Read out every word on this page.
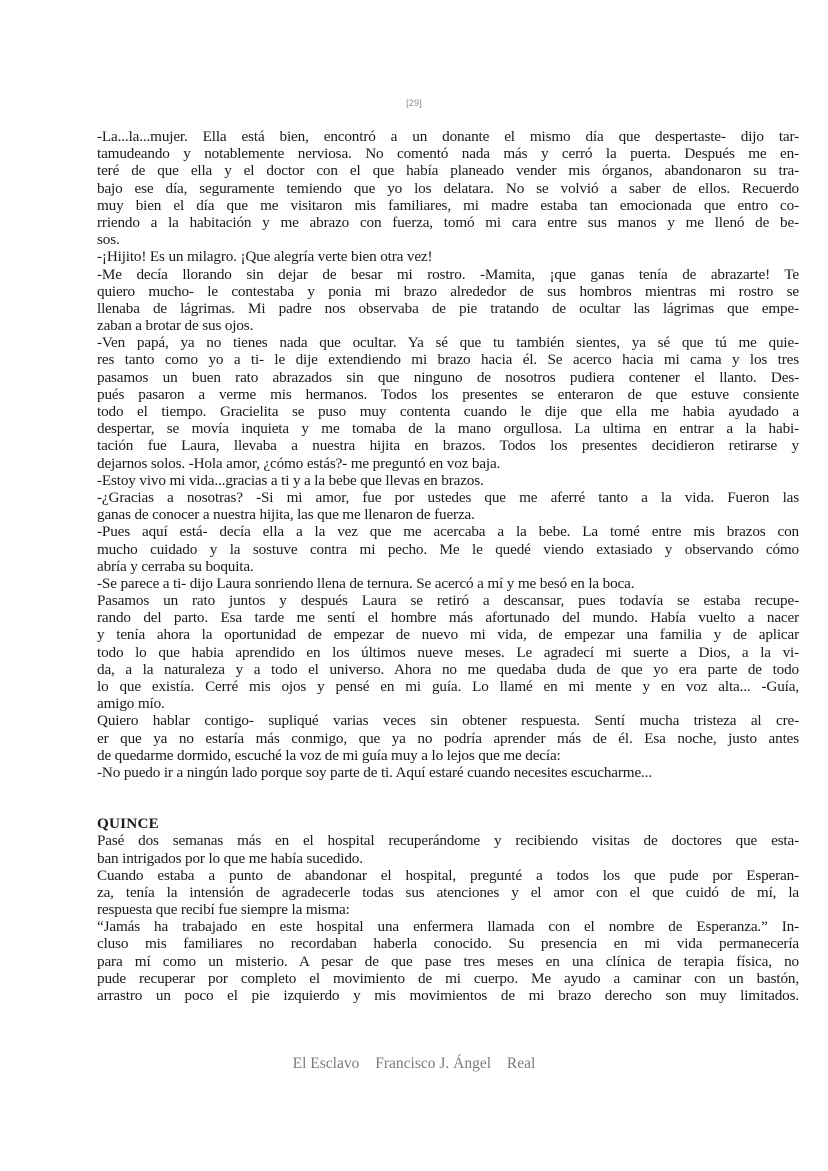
[29]
-La...la...mujer. Ella está bien, encontró a un donante el mismo día que despertaste- dijo tar-
tamudeando y notablemente nerviosa. No comentó nada más y cerró la puerta. Después me en-
teré de que ella y el doctor con el que había planeado vender mis órganos, abandonaron su tra-
bajo ese día, seguramente temiendo que yo los delatara. No se volvió a saber de ellos. Recuerdo
muy bien el día que me visitaron mis familiares, mi madre estaba tan emocionada que entro co-
rriendo a la habitación y me abrazo con fuerza, tomó mi cara entre sus manos y me llenó de be-
sos.
-¡Hijito! Es un milagro. ¡Que alegría verte bien otra vez!
-Me decía llorando sin dejar de besar mi rostro. -Mamita, ¡que ganas tenía de abrazarte! Te
quiero mucho- le contestaba y ponia mi brazo alrededor de sus hombros mientras mi rostro se
llenaba de lágrimas. Mi padre nos observaba de pie tratando de ocultar las lágrimas que empe-
zaban a brotar de sus ojos.
-Ven papá, ya no tienes nada que ocultar. Ya sé que tu también sientes, ya sé que tú me quie-
res tanto como yo a ti- le dije extendiendo mi brazo hacia él. Se acerco hacia mi cama y los tres
pasamos un buen rato abrazados sin que ninguno de nosotros pudiera contener el llanto. Des-
pués pasaron a verme mis hermanos. Todos los presentes se enteraron de que estuve consiente
todo el tiempo. Gracielita se puso muy contenta cuando le dije que ella me habia ayudado a
despertar, se movía inquieta y me tomaba de la mano orgullosa. La ultima en entrar a la habi-
tación fue Laura, llevaba a nuestra hijita en brazos. Todos los presentes decidieron retirarse y
dejarnos solos. -Hola amor, ¿cómo estás?- me preguntó en voz baja.
-Estoy vivo mi vida...gracias a ti y a la bebe que llevas en brazos.
-¿Gracias a nosotras? -Si mi amor, fue por ustedes que me aferré tanto a la vida. Fueron las
ganas de conocer a nuestra hijita, las que me llenaron de fuerza.
-Pues aquí está- decía ella a la vez que me acercaba a la bebe. La tomé entre mis brazos con
mucho cuidado y la sostuve contra mi pecho. Me le quedé viendo extasiado y observando cómo
abría y cerraba su boquita.
-Se parece a ti- dijo Laura sonriendo llena de ternura. Se acercó a mí y me besó en la boca.
Pasamos un rato juntos y después Laura se retiró a descansar, pues todavía se estaba recupe-
rando del parto. Esa tarde me sentí el hombre más afortunado del mundo. Había vuelto a nacer
y tenía ahora la oportunidad de empezar de nuevo mi vida, de empezar una familia y de aplicar
todo lo que habia aprendido en los últimos nueve meses. Le agradecí mi suerte a Dios, a la vi-
da, a la naturaleza y a todo el universo. Ahora no me quedaba duda de que yo era parte de todo
lo que existía. Cerré mis ojos y pensé en mi guía. Lo llamé en mi mente y en voz alta... -Guía,
amigo mío.
Quiero hablar contigo- supliqué varias veces sin obtener respuesta. Sentí mucha tristeza al cre-
er que ya no estaría más conmigo, que ya no podría aprender más de él. Esa noche, justo antes
de quedarme dormido, escuché la voz de mi guía muy a lo lejos que me decía:
-No puedo ir a ningún lado porque soy parte de ti. Aquí estaré cuando necesites escucharme...
QUINCE
Pasé dos semanas más en el hospital recuperándome y recibiendo visitas de doctores que esta-
ban intrigados por lo que me había sucedido.
Cuando estaba a punto de abandonar el hospital, pregunté a todos los que pude por Esperan-
za, tenía la intensión de agradecerle todas sus atenciones y el amor con el que cuidó de mí, la
respuesta que recibí fue siempre la misma:
“Jamás ha trabajado en este hospital una enfermera llamada con el nombre de Esperanza.” In-
cluso mis familiares no recordaban haberla conocido. Su presencia en mi vida permanecería
para mí como un misterio. A pesar de que pase tres meses en una clínica de terapia física, no
pude recuperar por completo el movimiento de mi cuerpo. Me ayudo a caminar con un bastón,
arrastro un poco el pie izquierdo y mis movimientos de mi brazo derecho son muy limitados.
El Esclavo Francisco J. Ángel Real
